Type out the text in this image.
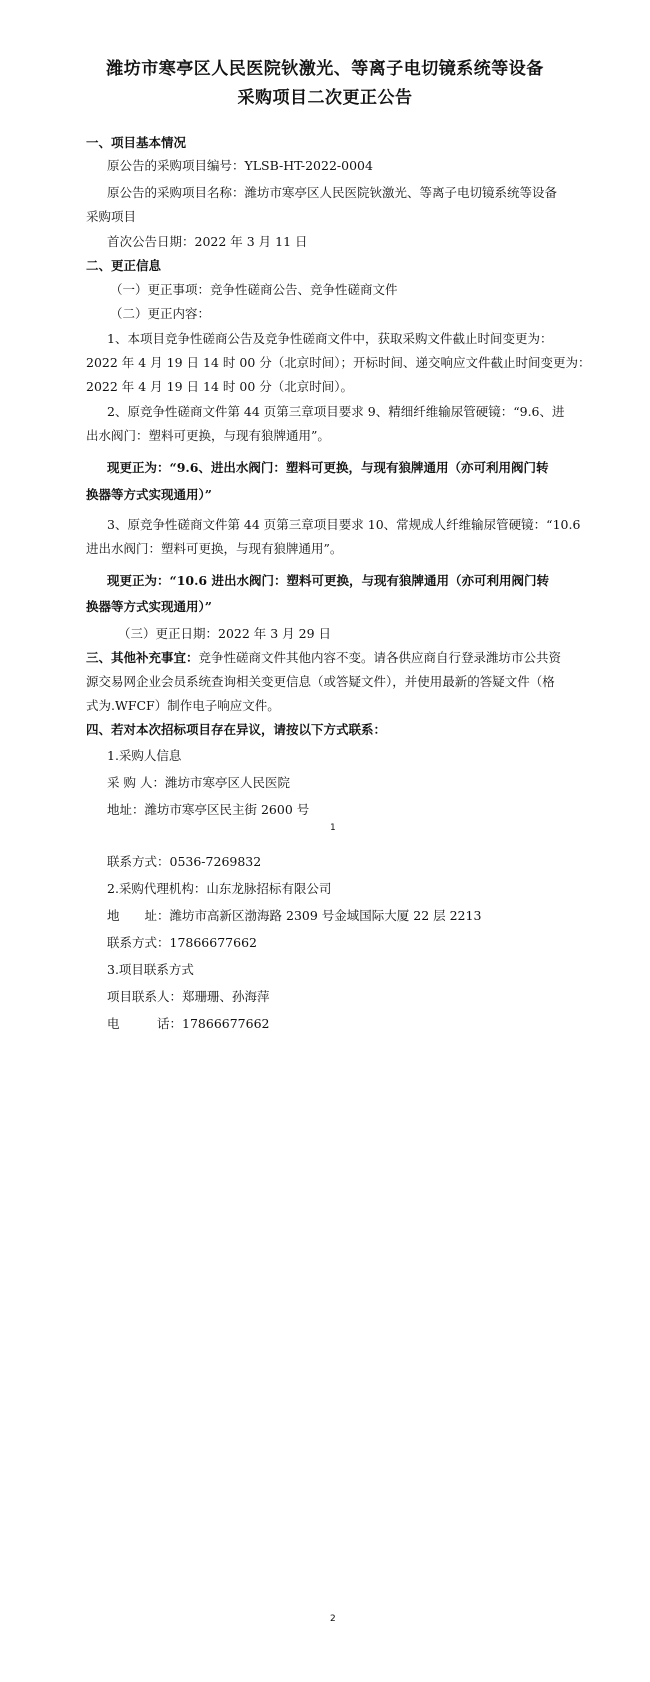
潍坊市寒亭区人民医院钬激光、等离子电切镜系统等设备
采购项目二次更正公告
一、项目基本情况
原公告的采购项目编号：YLSB-HT-2022-0004
原公告的采购项目名称：潍坊市寒亭区人民医院钬激光、等离子电切镜系统等设备
采购项目
首次公告日期：2022 年 3 月 11 日
二、更正信息
（一）更正事项：竞争性磋商公告、竞争性磋商文件
（二）更正内容：
1、本项目竞争性磋商公告及竞争性磋商文件中，获取采购文件截止时间变更为：
2022 年 4 月 19 日 14 时 00 分（北京时间）；开标时间、递交响应文件截止时间变更为：
2022 年 4 月 19 日 14 时 00 分（北京时间）。
2、原竞争性磋商文件第 44 页第三章项目要求 9、精细纤维输尿管硬镜：“9.6、进
出水阀门：塑料可更换，与现有狼牌通用”。
现更正为：“9.6、进出水阀门：塑料可更换，与现有狼牌通用（亦可利用阀门转
换器等方式实现通用）”
3、原竞争性磋商文件第 44 页第三章项目要求 10、常规成人纤维输尿管硬镜：“10.6
进出水阀门：塑料可更换，与现有狼牌通用”。
现更正为：“10.6 进出水阀门：塑料可更换，与现有狼牌通用（亦可利用阀门转
换器等方式实现通用）”
（三）更正日期：2022 年 3 月 29 日
三、其他补充事宜：竞争性磋商文件其他内容不变。请各供应商自行登录潍坊市公共资
源交易网企业会员系统查询相关变更信息（或答疑文件），并使用最新的答疑文件（格
式为.WFCF）制作电子响应文件。
四、若对本次招标项目存在异议，请按以下方式联系：
1.采购人信息
采 购 人：潍坊市寒亭区人民医院
地址：潍坊市寒亭区民主街 2600 号
1
联系方式：0536-7269832
2.采购代理机构：山东龙脉招标有限公司
地　　址：潍坊市高新区渤海路 2309 号金域国际大厦 22 层 2213
联系方式：17866677662
3.项目联系方式
项目联系人：郑珊珊、孙海萍
电　　　话：17866677662
2
